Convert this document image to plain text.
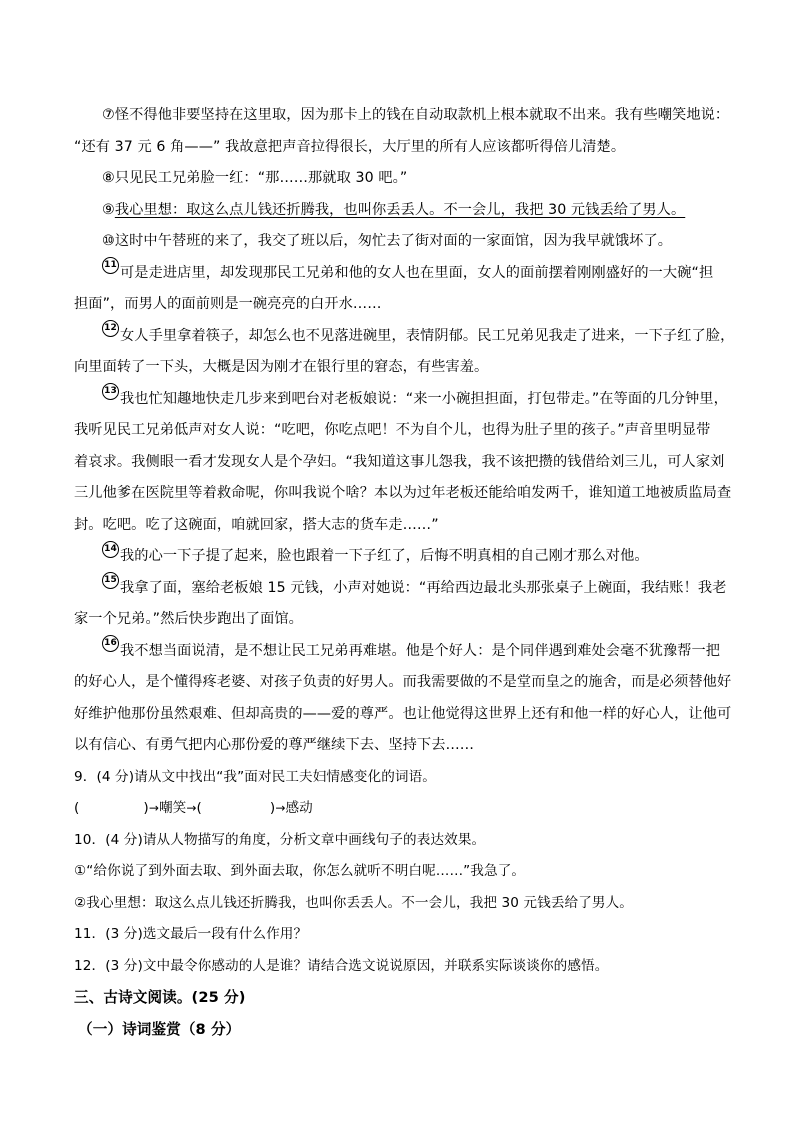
⑦怪不得他非要坚持在这里取，因为那卡上的钱在自动取款机上根本就取不出来。我有些嘲笑地说：
“还有 37 元 6 角——” 我故意把声音拉得很长，大厅里的所有人应该都听得倍儿清楚。
⑧只见民工兄弟脸一红：“那……那就取 30 吧。”
⑨我心里想：取这么点儿钱还折腾我，也叫你丢丢人。不一会儿，我把 30 元钱丢给了男人。
⑩这时中午替班的来了，我交了班以后，匆忙去了街对面的一家面馆，因为我早就饿坏了。
11 可是走进店里，却发现那民工兄弟和他的女人也在里面，女人的面前摆着刚刚盛好的一大碗“担
担面”，而男人的面前则是一碗亮亮的白开水……
12 女人手里拿着筷子，却怎么也不见落进碗里，表情阴郁。民工兄弟见我走了进来，一下子红了脸，
向里面转了一下头，大概是因为刚才在银行里的窘态，有些害羞。
13 我也忙知趣地快走几步来到吧台对老板娘说：“来一小碗担担面，打包带走。”在等面的几分钟里，
我听见民工兄弟低声对女人说：“吃吧，你吃点吧！不为自个儿，也得为肚子里的孩子。”声音里明显带
着哀求。我侧眼一看才发现女人是个孕妇。“我知道这事儿怨我，我不该把攒的钱借给刘三儿，可人家刘
三儿他爹在医院里等着救命呢，你叫我说个啥？本以为过年老板还能给咱发两千，谁知道工地被质监局查
封。吃吧。吃了这碗面，咱就回家，搭大志的货车走……”
14 我的心一下子提了起来，脸也跟着一下子红了，后悔不明真相的自己刚才那么对他。
15 我拿了面，塞给老板娘 15 元钱，小声对她说：“再给西边最北头那张桌子上碗面，我结账！我老
家一个兄弟。”然后快步跑出了面馆。
16 我不想当面说清，是不想让民工兄弟再难堪。他是个好人：是个同伴遇到难处会毫不犹豫帮一把
的好心人，是个懂得疼老婆、对孩子负责的好男人。而我需要做的不是堂而皇之的施舍，而是必须替他好
好维护他那份虽然艰难、但却高贵的——爱的尊严。也让他觉得这世界上还有和他一样的好心人，让他可
以有信心、有勇气把内心那份爱的尊严继续下去、坚持下去……
9．(4 分)请从文中找出“我”面对民工夫妇情感变化的词语。
(	)→嘲笑→(	)→感动
10．(4 分)请从人物描写的角度，分析文章中画线句子的表达效果。
①“给你说了到外面去取、到外面去取，你怎么就听不明白呢……”我急了。
②我心里想：取这么点儿钱还折腾我，也叫你丢丢人。不一会儿，我把 30 元钱丢给了男人。
11．(3 分)选文最后一段有什么作用？
12．(3 分)文中最令你感动的人是谁？请结合选文说说原因，并联系实际谈谈你的感悟。
三、古诗文阅读。(25 分)
（一）诗词鉴赏（8 分）
